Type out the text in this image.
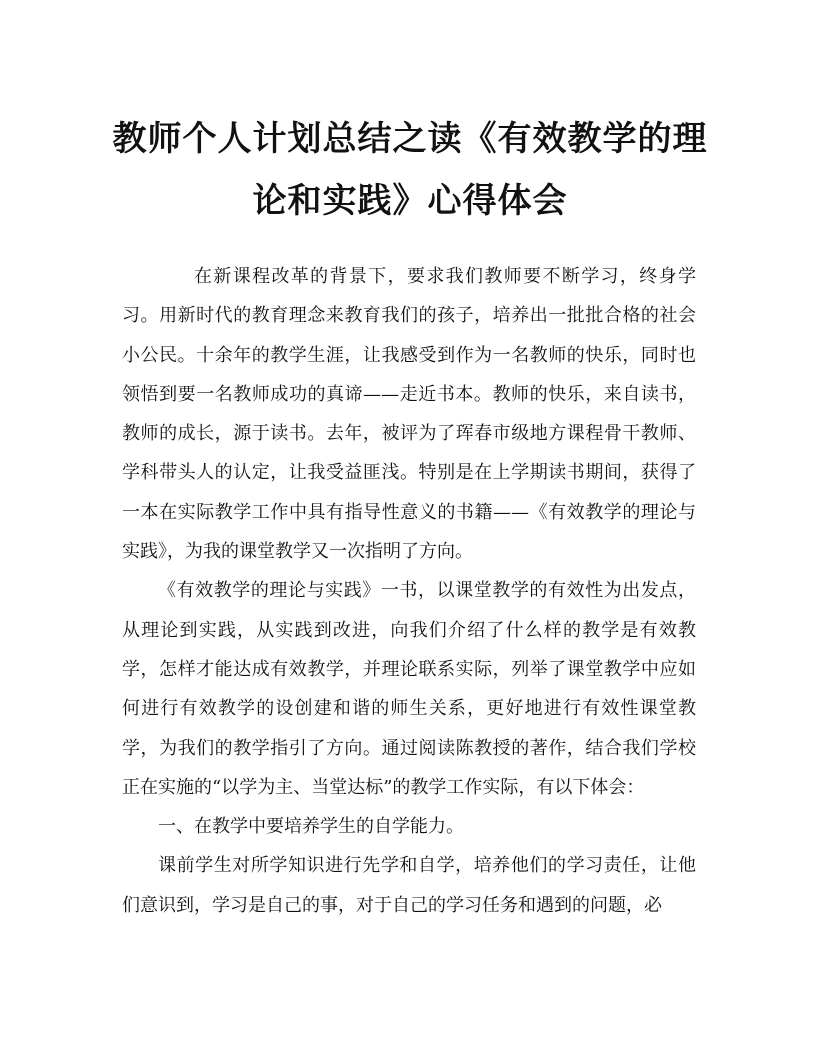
教师个人计划总结之读《有效教学的理论和实践》心得体会

在新课程改革的背景下，要求我们教师要不断学习，终身学习。用新时代的教育理念来教育我们的孩子，培养出一批批合格的社会小公民。十余年的教学生涯，让我感受到作为一名教师的快乐，同时也领悟到要一名教师成功的真谛——走近书本。教师的快乐，来自读书，教师的成长，源于读书。去年，被评为了珲春市级地方课程骨干教师、学科带头人的认定，让我受益匪浅。特别是在上学期读书期间，获得了一本在实际教学工作中具有指导性意义的书籍——《有效教学的理论与实践》，为我的课堂教学又一次指明了方向。

《有效教学的理论与实践》一书，以课堂教学的有效性为出发点，从理论到实践，从实践到改进，向我们介绍了什么样的教学是有效教学，怎样才能达成有效教学，并理论联系实际，列举了课堂教学中应如何进行有效教学的设创建和谐的师生关系，更好地进行有效性课堂教学，为我们的教学指引了方向。通过阅读陈教授的著作，结合我们学校正在实施的“以学为主、当堂达标”的教学工作实际，有以下体会：

一、在教学中要培养学生的自学能力。

课前学生对所学知识进行先学和自学，培养他们的学习责任，让他们意识到，学习是自己的事，对于自己的学习任务和遇到的问题，必
